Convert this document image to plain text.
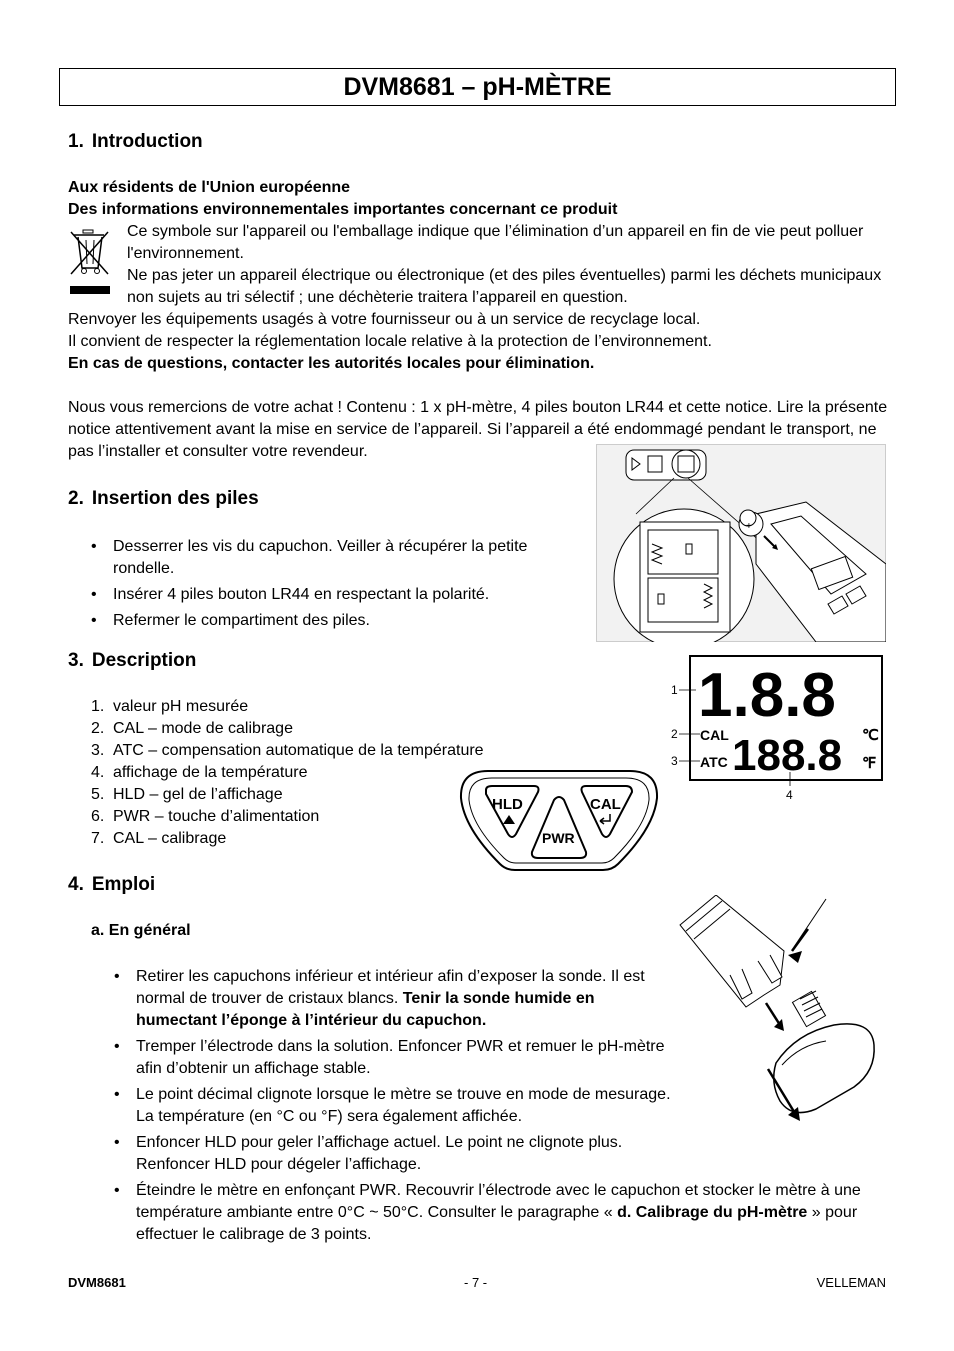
DVM8681 – pH-MÈTRE
1. Introduction
Aux résidents de l'Union européenne
Des informations environnementales importantes concernant ce produit
Ce symbole sur l'appareil ou l'emballage indique que l’élimination d’un appareil en fin de vie peut polluer
l'environnement.
Ne pas jeter un appareil électrique ou électronique (et des piles éventuelles) parmi les déchets municipaux
non sujets au tri sélectif ; une déchèterie traitera l’appareil en question.
Renvoyer les équipements usagés à votre fournisseur ou à un service de recyclage local.
Il convient de respecter la réglementation locale relative à la protection de l’environnement.
En cas de questions, contacter les autorités locales pour élimination.
Nous vous remercions de votre achat ! Contenu : 1 x pH-mètre, 4 piles bouton LR44 et cette notice. Lire la présente
notice attentivement avant la mise en service de l’appareil. Si l’appareil a été endommagé pendant le transport, ne
pas l’installer et consulter votre revendeur.
2. Insertion des piles
• Desserrer les vis du capuchon. Veiller à récupérer la petite
rondelle.
• Insérer 4 piles bouton LR44 en respectant la polarité.
• Refermer le compartiment des piles.
+
3. Description
1. valeur pH mesurée
2. CAL – mode de calibrage
3. ATC – compensation automatique de la température
4. affichage de la température
5. HLD – gel de l’affichage
6. PWR – touche d’alimentation
7. CAL – calibrage
1.8.8
CAL
ATC 188.8 ℃
℉
1
2
3
4
HLD	CAL
PWR
4. Emploi
a. En général
• Retirer les capuchons inférieur et intérieur afin d’exposer la sonde. Il est
normal de trouver de cristaux blancs. Tenir la sonde humide en
humectant l’éponge à l’intérieur du capuchon.
• Tremper l’électrode dans la solution. Enfoncer PWR et remuer le pH-mètre
afin d’obtenir un affichage stable.
• Le point décimal clignote lorsque le mètre se trouve en mode de mesurage.
La température (en °C ou °F) sera également affichée.
• Enfoncer HLD pour geler l’affichage actuel. Le point ne clignote plus.
Renfoncer HLD pour dégeler l’affichage.
• Éteindre le mètre en enfonçant PWR. Recouvrir l’électrode avec le capuchon et stocker le mètre à une
température ambiante entre 0°C ~ 50°C. Consulter le paragraphe « d. Calibrage du pH-mètre » pour
effectuer le calibrage de 3 points.
DVM8681	- 7 -	VELLEMAN
